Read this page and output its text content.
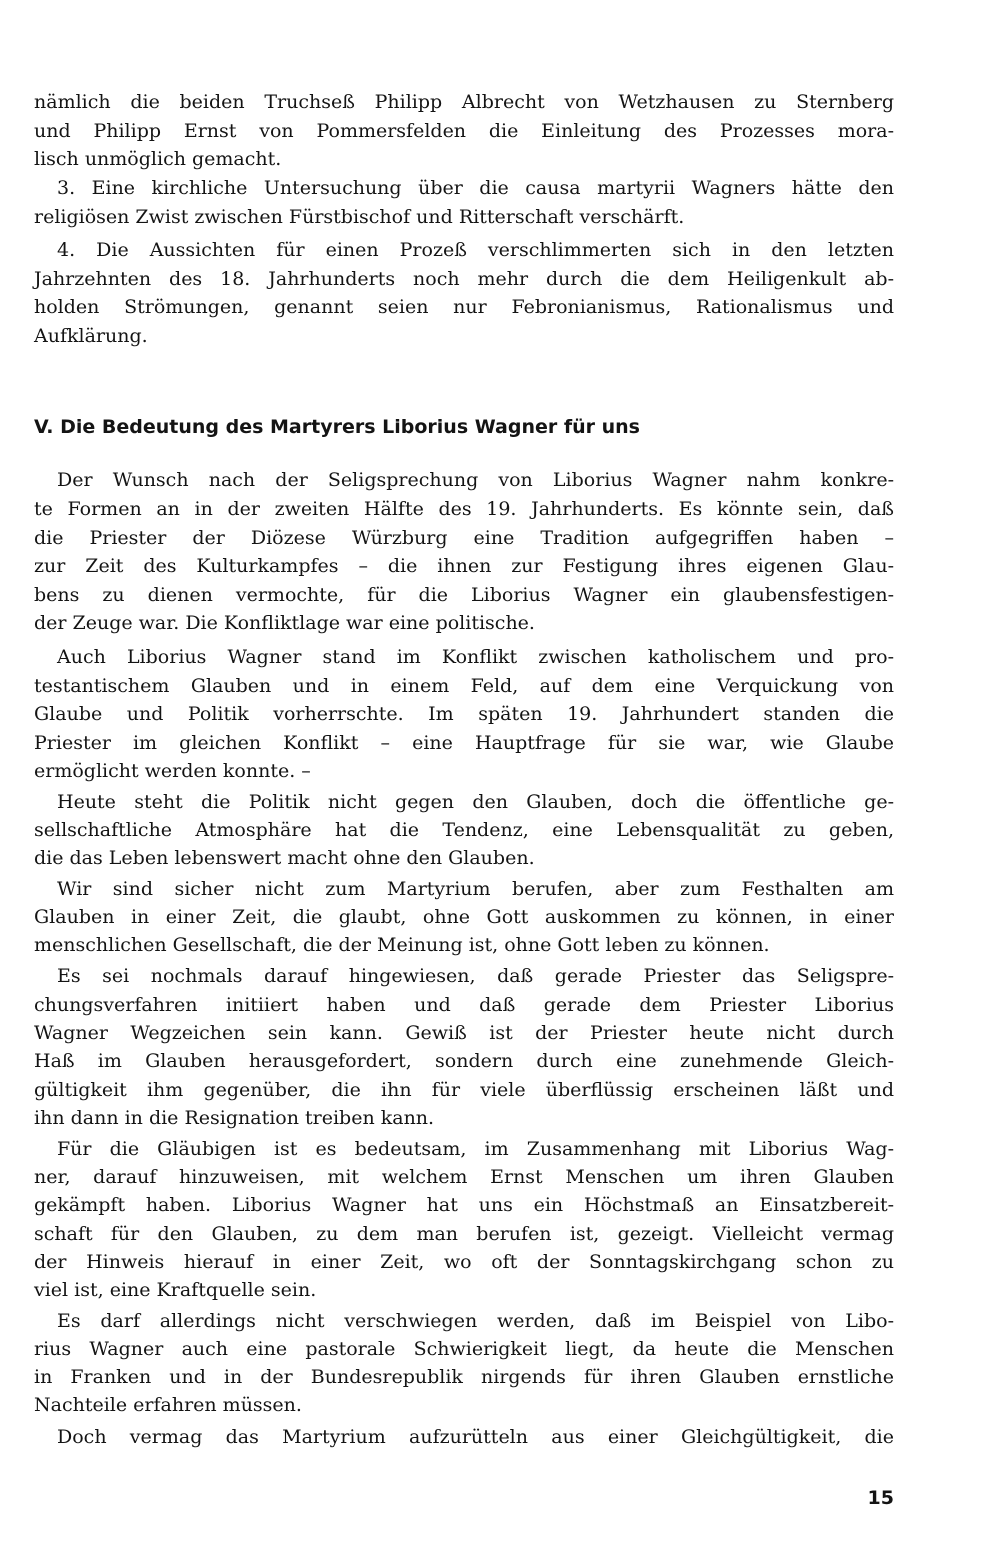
nämlich die beiden Truchseß Philipp Albrecht von Wetzhausen zu Sternberg
und Philipp Ernst von Pommersfelden die Einleitung des Prozesses mora-
lisch unmöglich gemacht.
3. Eine kirchliche Untersuchung über die causa martyrii Wagners hätte den
religiösen Zwist zwischen Fürstbischof und Ritterschaft verschärft.
4. Die Aussichten für einen Prozeß verschlimmerten sich in den letzten
Jahrzehnten des 18. Jahrhunderts noch mehr durch die dem Heiligenkult ab-
holden Strömungen, genannt seien nur Febronianismus, Rationalismus und
Aufklärung.
V. Die Bedeutung des Martyrers Liborius Wagner für uns
Der Wunsch nach der Seligsprechung von Liborius Wagner nahm konkre-
te Formen an in der zweiten Hälfte des 19. Jahrhunderts. Es könnte sein, daß
die Priester der Diözese Würzburg eine Tradition aufgegriffen haben –
zur Zeit des Kulturkampfes – die ihnen zur Festigung ihres eigenen Glau-
bens zu dienen vermochte, für die Liborius Wagner ein glaubensfestigen-
der Zeuge war. Die Konfliktlage war eine politische.
Auch Liborius Wagner stand im Konflikt zwischen katholischem und pro-
testantischem Glauben und in einem Feld, auf dem eine Verquickung von
Glaube und Politik vorherrschte. Im späten 19. Jahrhundert standen die
Priester im gleichen Konflikt – eine Hauptfrage für sie war, wie Glaube
ermöglicht werden konnte. –
Heute steht die Politik nicht gegen den Glauben, doch die öffentliche ge-
sellschaftliche Atmosphäre hat die Tendenz, eine Lebensqualität zu geben,
die das Leben lebenswert macht ohne den Glauben.
Wir sind sicher nicht zum Martyrium berufen, aber zum Festhalten am
Glauben in einer Zeit, die glaubt, ohne Gott auskommen zu können, in einer
menschlichen Gesellschaft, die der Meinung ist, ohne Gott leben zu können.
Es sei nochmals darauf hingewiesen, daß gerade Priester das Seligspre-
chungsverfahren initiiert haben und daß gerade dem Priester Liborius
Wagner Wegzeichen sein kann. Gewiß ist der Priester heute nicht durch
Haß im Glauben herausgefordert, sondern durch eine zunehmende Gleich-
gültigkeit ihm gegenüber, die ihn für viele überflüssig erscheinen läßt und
ihn dann in die Resignation treiben kann.
Für die Gläubigen ist es bedeutsam, im Zusammenhang mit Liborius Wag-
ner, darauf hinzuweisen, mit welchem Ernst Menschen um ihren Glauben
gekämpft haben. Liborius Wagner hat uns ein Höchstmaß an Einsatzbereit-
schaft für den Glauben, zu dem man berufen ist, gezeigt. Vielleicht vermag
der Hinweis hierauf in einer Zeit, wo oft der Sonntagskirchgang schon zu
viel ist, eine Kraftquelle sein.
Es darf allerdings nicht verschwiegen werden, daß im Beispiel von Libo-
rius Wagner auch eine pastorale Schwierigkeit liegt, da heute die Menschen
in Franken und in der Bundesrepublik nirgends für ihren Glauben ernstliche
Nachteile erfahren müssen.
Doch vermag das Martyrium aufzurütteln aus einer Gleichgültigkeit, die
15
